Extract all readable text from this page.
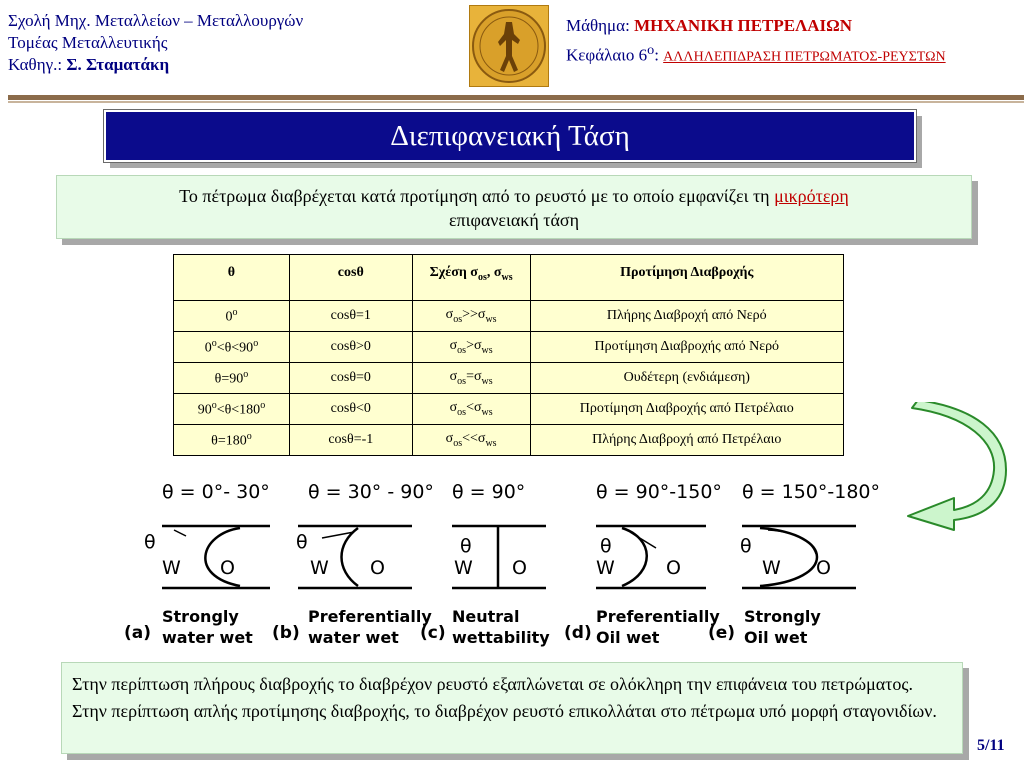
Σχολή Μηχ. Μεταλλείων – Μεταλλουργών
Τομέας Μεταλλευτικής
Καθηγ.: Σ. Σταματάκη
Μάθημα: ΜΗΧΑΝΙΚΗ ΠΕΤΡΕΛΑΙΩΝ
Κεφάλαιο $6^o$: ΑΛΛΗΛΕΠΙΔΡΑΣΗ ΠΕΤΡΩΜΑΤΟΣ-ΡΕΥΣΤΩΝ
Διεπιφανειακή Τάση
Το πέτρωμα διαβρέχεται κατά προτίμηση από το ρευστό με το οποίο εμφανίζει τη μικρότερη
επιφανειακή τάση
θ	cosθ	Σχέση $\sigma_{os}$, $\sigma_{ws}$	Προτίμηση Διαβροχής
$0^o$	cosθ=1	$\sigma_{os}>>\sigma_{ws}$	Πλήρης Διαβροχή από Νερό
$0^o<\theta<90^o$	cosθ>0	$\sigma_{os}>\sigma_{ws}$	Προτίμηση Διαβροχής από Νερό
$\theta=90^o$	cosθ=0	$\sigma_{os}=\sigma_{ws}$	Ουδέτερη (ενδιάμεση)
$90^o<\theta<180^o$	cosθ<0	$\sigma_{os}<\sigma_{ws}$	Προτίμηση Διαβροχής από Πετρέλαιο
$\theta=180^o$	cosθ=-1	$\sigma_{os}<<\sigma_{ws}$	Πλήρης Διαβροχή από Πετρέλαιο
θ = 0°- 30° θ = 30° - 90° θ = 90°	θ = 90°-150° θ = 150°-180°
θ
W O
θ
W O
θ
W O
θ
W	O
θ
W O
(a)
Strongly
water wet (b)
Preferentially
water wet (c)
Neutral
wettability (d)
Preferentially
Oil wet	(e)
Strongly
Oil wet
Στην περίπτωση πλήρους διαβροχής το διαβρέχον ρευστό εξαπλώνεται σε ολόκληρη την επιφάνεια του πετρώματος. Στην περίπτωση απλής προτίμησης διαβροχής, το διαβρέχον ρευστό επικολλάται στο πέτρωμα υπό μορφή σταγονιδίων.
5/11
